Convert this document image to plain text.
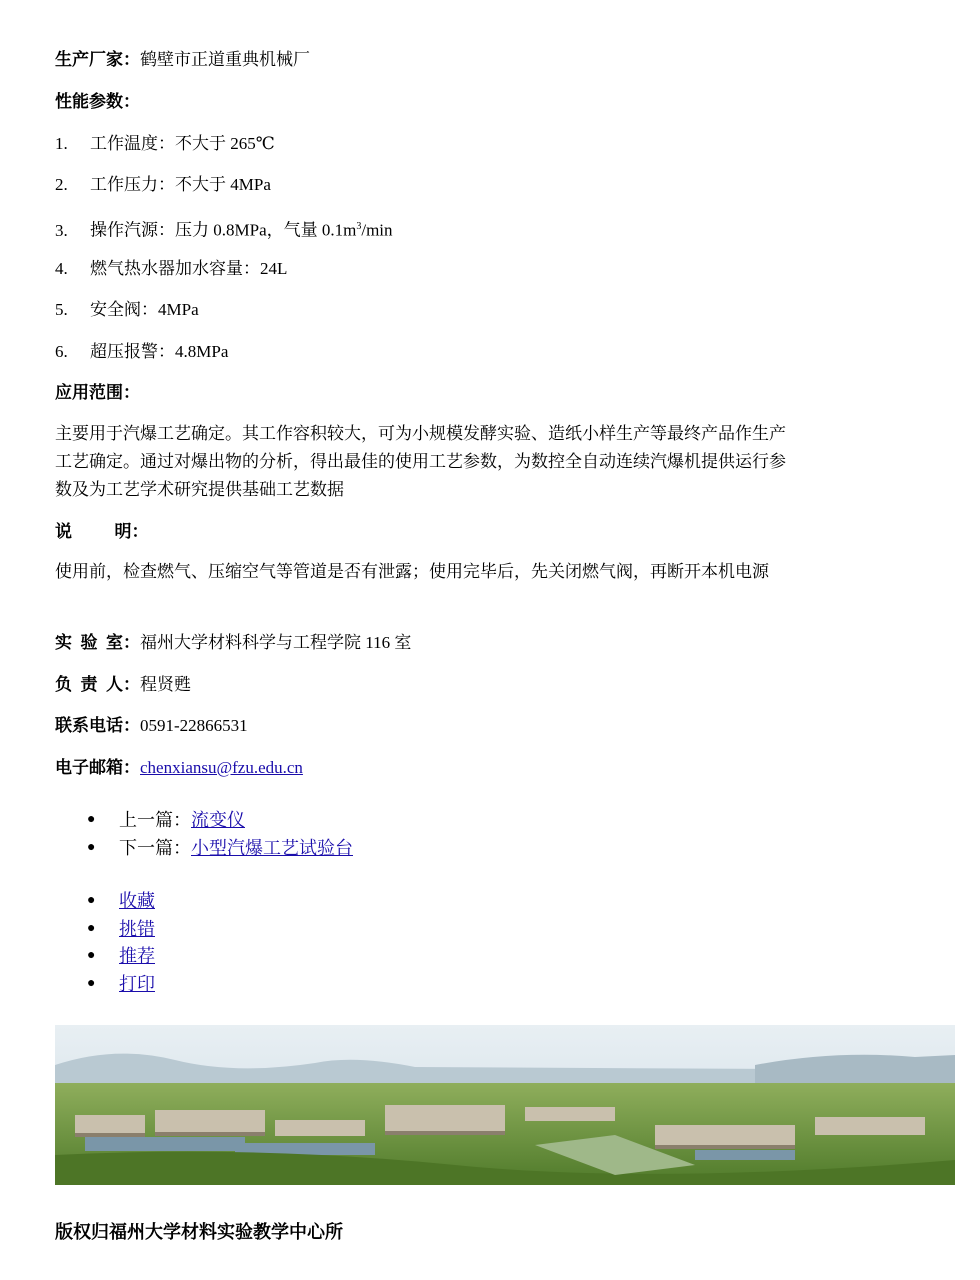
生产厂家：鹤壁市正道重典机械厂
性能参数：
1. 工作温度：不大于 265℃
2. 工作压力：不大于 4MPa
3. 操作汽源：压力 0.8MPa，气量 $0.1m^3/\min$
4. 燃气热水器加水容量：24L
5. 安全阀：4MPa
6. 超压报警：4.8MPa
应用范围：
主要用于汽爆工艺确定。其工作容积较大，可为小规模发酵实验、造纸小样生产等最终产品作生产工艺确定。通过对爆出物的分析，得出最佳的使用工艺参数，为数控全自动连续汽爆机提供运行参数及为工艺学术研究提供基础工艺数据
说          明：
使用前，检查燃气、压缩空气等管道是否有泄露；使用完毕后，先关闭燃气阀，再断开本机电源
实  验  室：福州大学材料科学与工程学院 116 室
负  责  人：程贤甦
联系电话：0591-22866531
电子邮箱：chenxiansu@fzu.edu.cn
● 上一篇：流变仪
● 下一篇：小型汽爆工艺试验台
● 收藏
● 挑错
● 推荐
● 打印
版权归福州大学材料实验教学中心所
